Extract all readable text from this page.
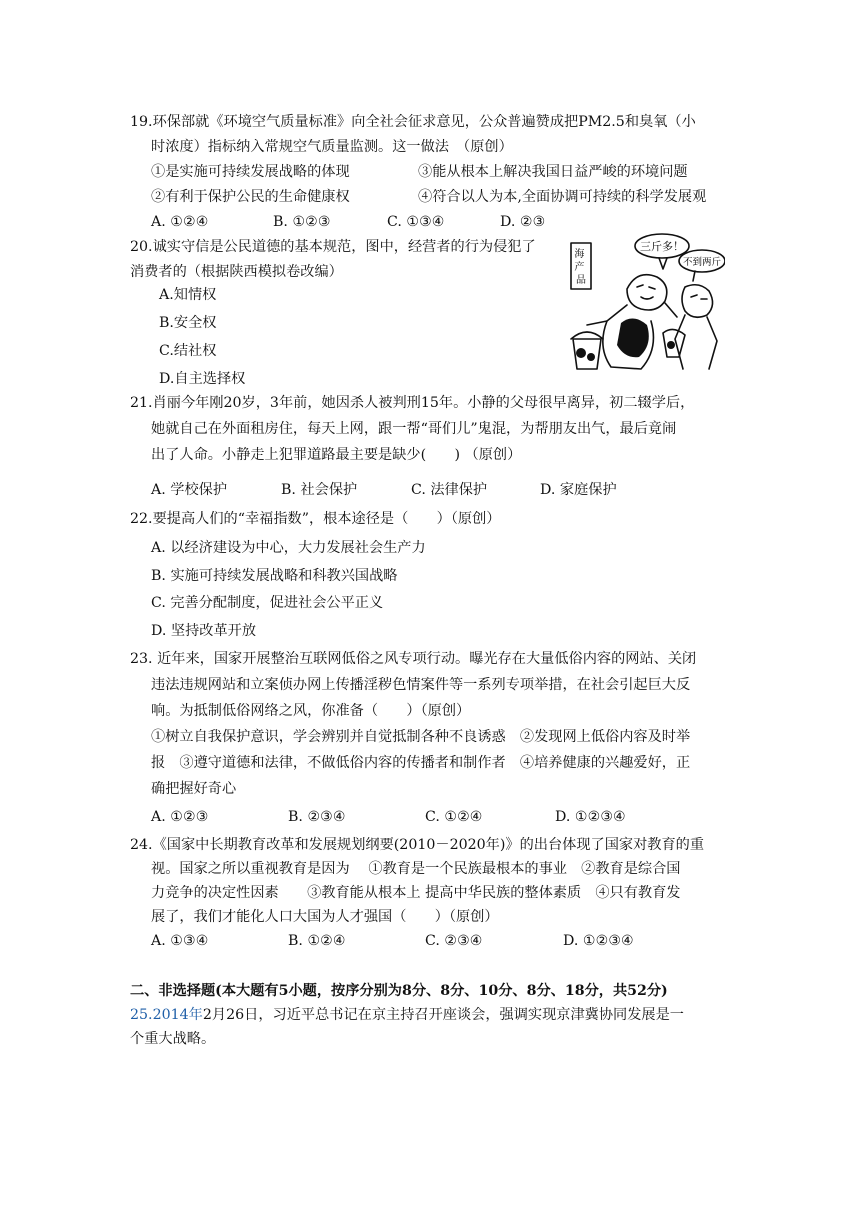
19.环保部就《环境空气质量标准》向全社会征求意见，公众普遍赞成把PM2.5和臭氧（小
时浓度）指标纳入常规空气质量监测。这一做法　（原创）
①是实施可持续发展战略的体现	③能从根本上解决我国日益严峻的环境问题
②有利于保护公民的生命健康权	④符合以人为本,全面协调可持续的科学发展观
A. ①②④	B. ①②③	C. ①③④	D. ②③
20.诚实守信是公民道德的基本规范，图中，经营者的行为侵犯了
消费者的（根据陕西模拟卷改编）
A.知情权
B.安全权
C.结社权
D.自主选择权
海 产 品
三斤多！
不到两斤
21.肖丽今年刚20岁，3年前，她因杀人被判刑15年。小静的父母很早离异，初二辍学后，
她就自己在外面租房住，每天上网，跟一帮“哥们儿”鬼混，为帮朋友出气，最后竟闹
出了人命。小静走上犯罪道路最主要是缺少(　　) （原创）
A. 学校保护	B. 社会保护	C. 法律保护	D. 家庭保护
22.要提高人们的“幸福指数”，根本途径是（　　）（原创）
A. 以经济建设为中心，大力发展社会生产力
B. 实施可持续发展战略和科教兴国战略
C. 完善分配制度，促进社会公平正义
D. 坚持改革开放
23. 近年来，国家开展整治互联网低俗之风专项行动。曝光存在大量低俗内容的网站、关闭
违法违规网站和立案侦办网上传播淫秽色情案件等一系列专项举措，在社会引起巨大反
响。为抵制低俗网络之风，你准备（　　）（原创）
①树立自我保护意识，学会辨别并自觉抵制各种不良诱惑　②发现网上低俗内容及时举
报　③遵守道德和法律，不做低俗内容的传播者和制作者　④培养健康的兴趣爱好，正
确把握好奇心
A. ①②③	B. ②③④	C. ①②④	D. ①②③④
24.《国家中长期教育改革和发展规划纲要(2010－2020年)》的出台体现了国家对教育的重
视。国家之所以重视教育是因为　 ①教育是一个民族最根本的事业　②教育是综合国
力竞争的决定性因素　　③教育能从根本上 提高中华民族的整体素质　④只有教育发
展了，我们才能化人口大国为人才强国（　　）（原创）
A. ①③④	B. ①②④	C. ②③④	D. ①②③④
二、非选择题(本大题有5小题，按序分别为8分、8分、10分、8分、18分，共52分)
25.2014年2月26日，习近平总书记在京主持召开座谈会，强调实现京津冀协同发展是一
个重大战略。
